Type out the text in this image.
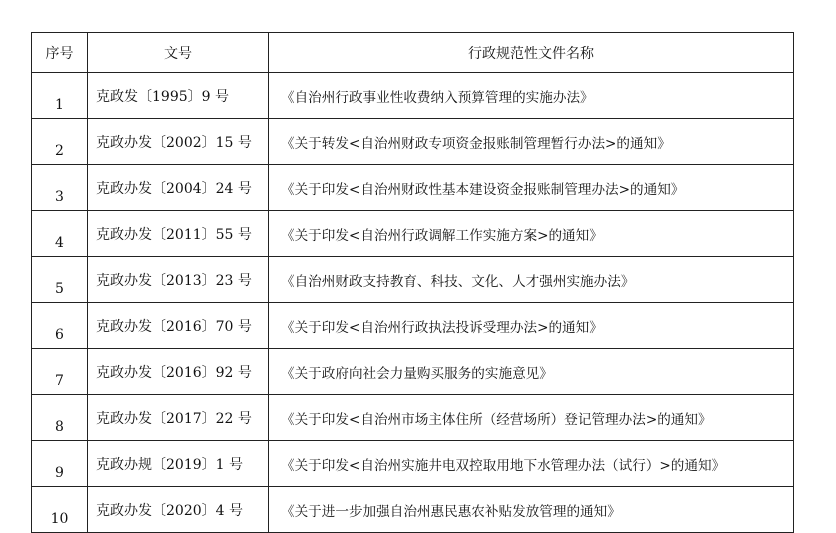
序号	文号	行政规范性文件名称
1	克政发〔1995〕9 号	《自治州行政事业性收费纳入预算管理的实施办法》
2	克政办发〔2002〕15 号	《关于转发<自治州财政专项资金报账制管理暂行办法>的通知》
3	克政办发〔2004〕24 号	《关于印发<自治州财政性基本建设资金报账制管理办法>的通知》
4	克政办发〔2011〕55 号	《关于印发<自治州行政调解工作实施方案>的通知》
5	克政办发〔2013〕23 号	《自治州财政支持教育、科技、文化、人才强州实施办法》
6	克政办发〔2016〕70 号	《关于印发<自治州行政执法投诉受理办法>的通知》
7	克政办发〔2016〕92 号	《关于政府向社会力量购买服务的实施意见》
8	克政办发〔2017〕22 号	《关于印发<自治州市场主体住所（经营场所）登记管理办法>的通知》
9	克政办规〔2019〕1 号	《关于印发<自治州实施井电双控取用地下水管理办法（试行）>的通知》
10	克政办发〔2020〕4 号	《关于进一步加强自治州惠民惠农补贴发放管理的通知》
